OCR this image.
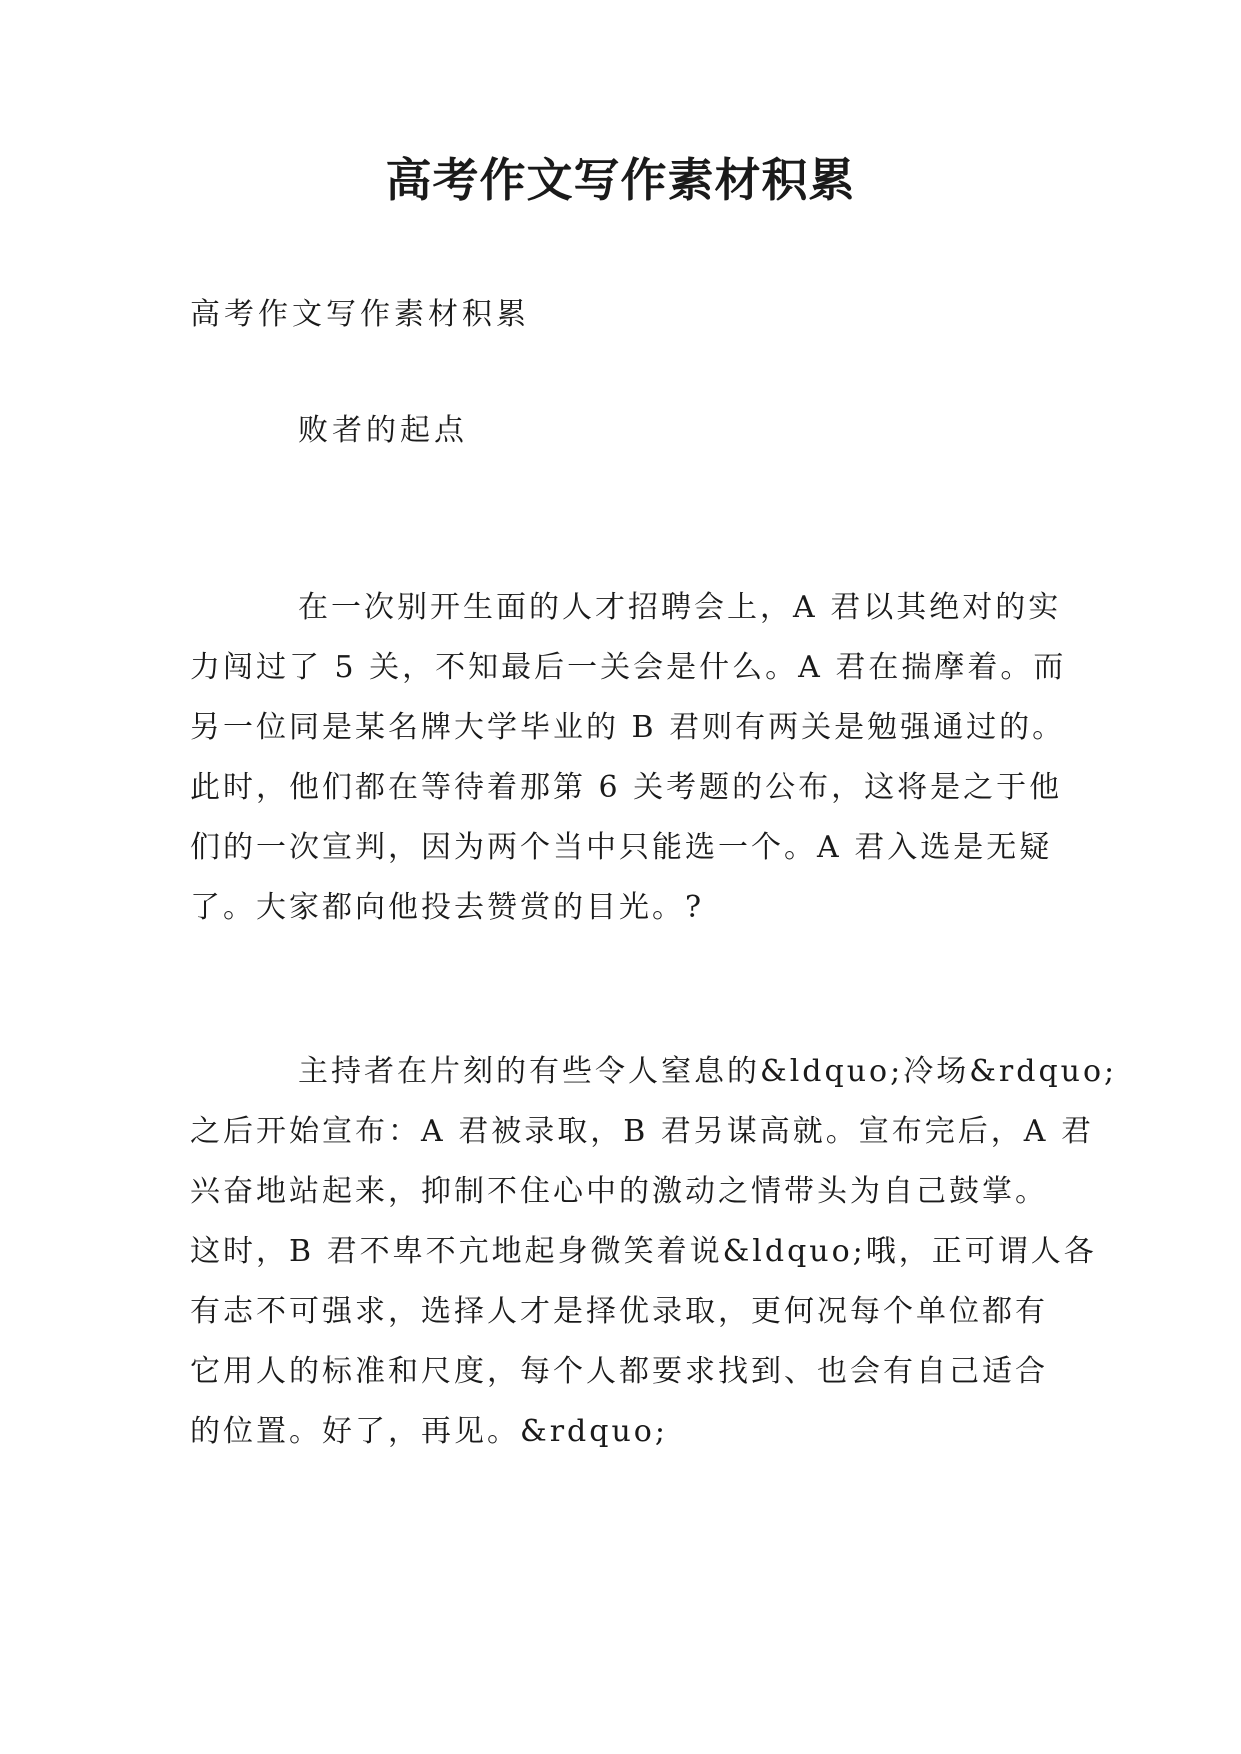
高考作文写作素材积累

高考作文写作素材积累

败者的起点

在一次别开生面的人才招聘会上，A 君以其绝对的实
力闯过了 5 关，不知最后一关会是什么。A 君在揣摩着。而
另一位同是某名牌大学毕业的 B 君则有两关是勉强通过的。
此时，他们都在等待着那第 6 关考题的公布，这将是之于他
们的一次宣判，因为两个当中只能选一个。A 君入选是无疑
了。大家都向他投去赞赏的目光。?
主持者在片刻的有些令人窒息的&ldquo;冷场&rdquo;
之后开始宣布：A 君被录取，B 君另谋高就。宣布完后，A 君
兴奋地站起来，抑制不住心中的激动之情带头为自己鼓掌。
这时，B 君不卑不亢地起身微笑着说&ldquo;哦，正可谓人各
有志不可强求，选择人才是择优录取，更何况每个单位都有
它用人的标准和尺度，每个人都要求找到、也会有自己适合
的位置。好了，再见。&rdquo;
